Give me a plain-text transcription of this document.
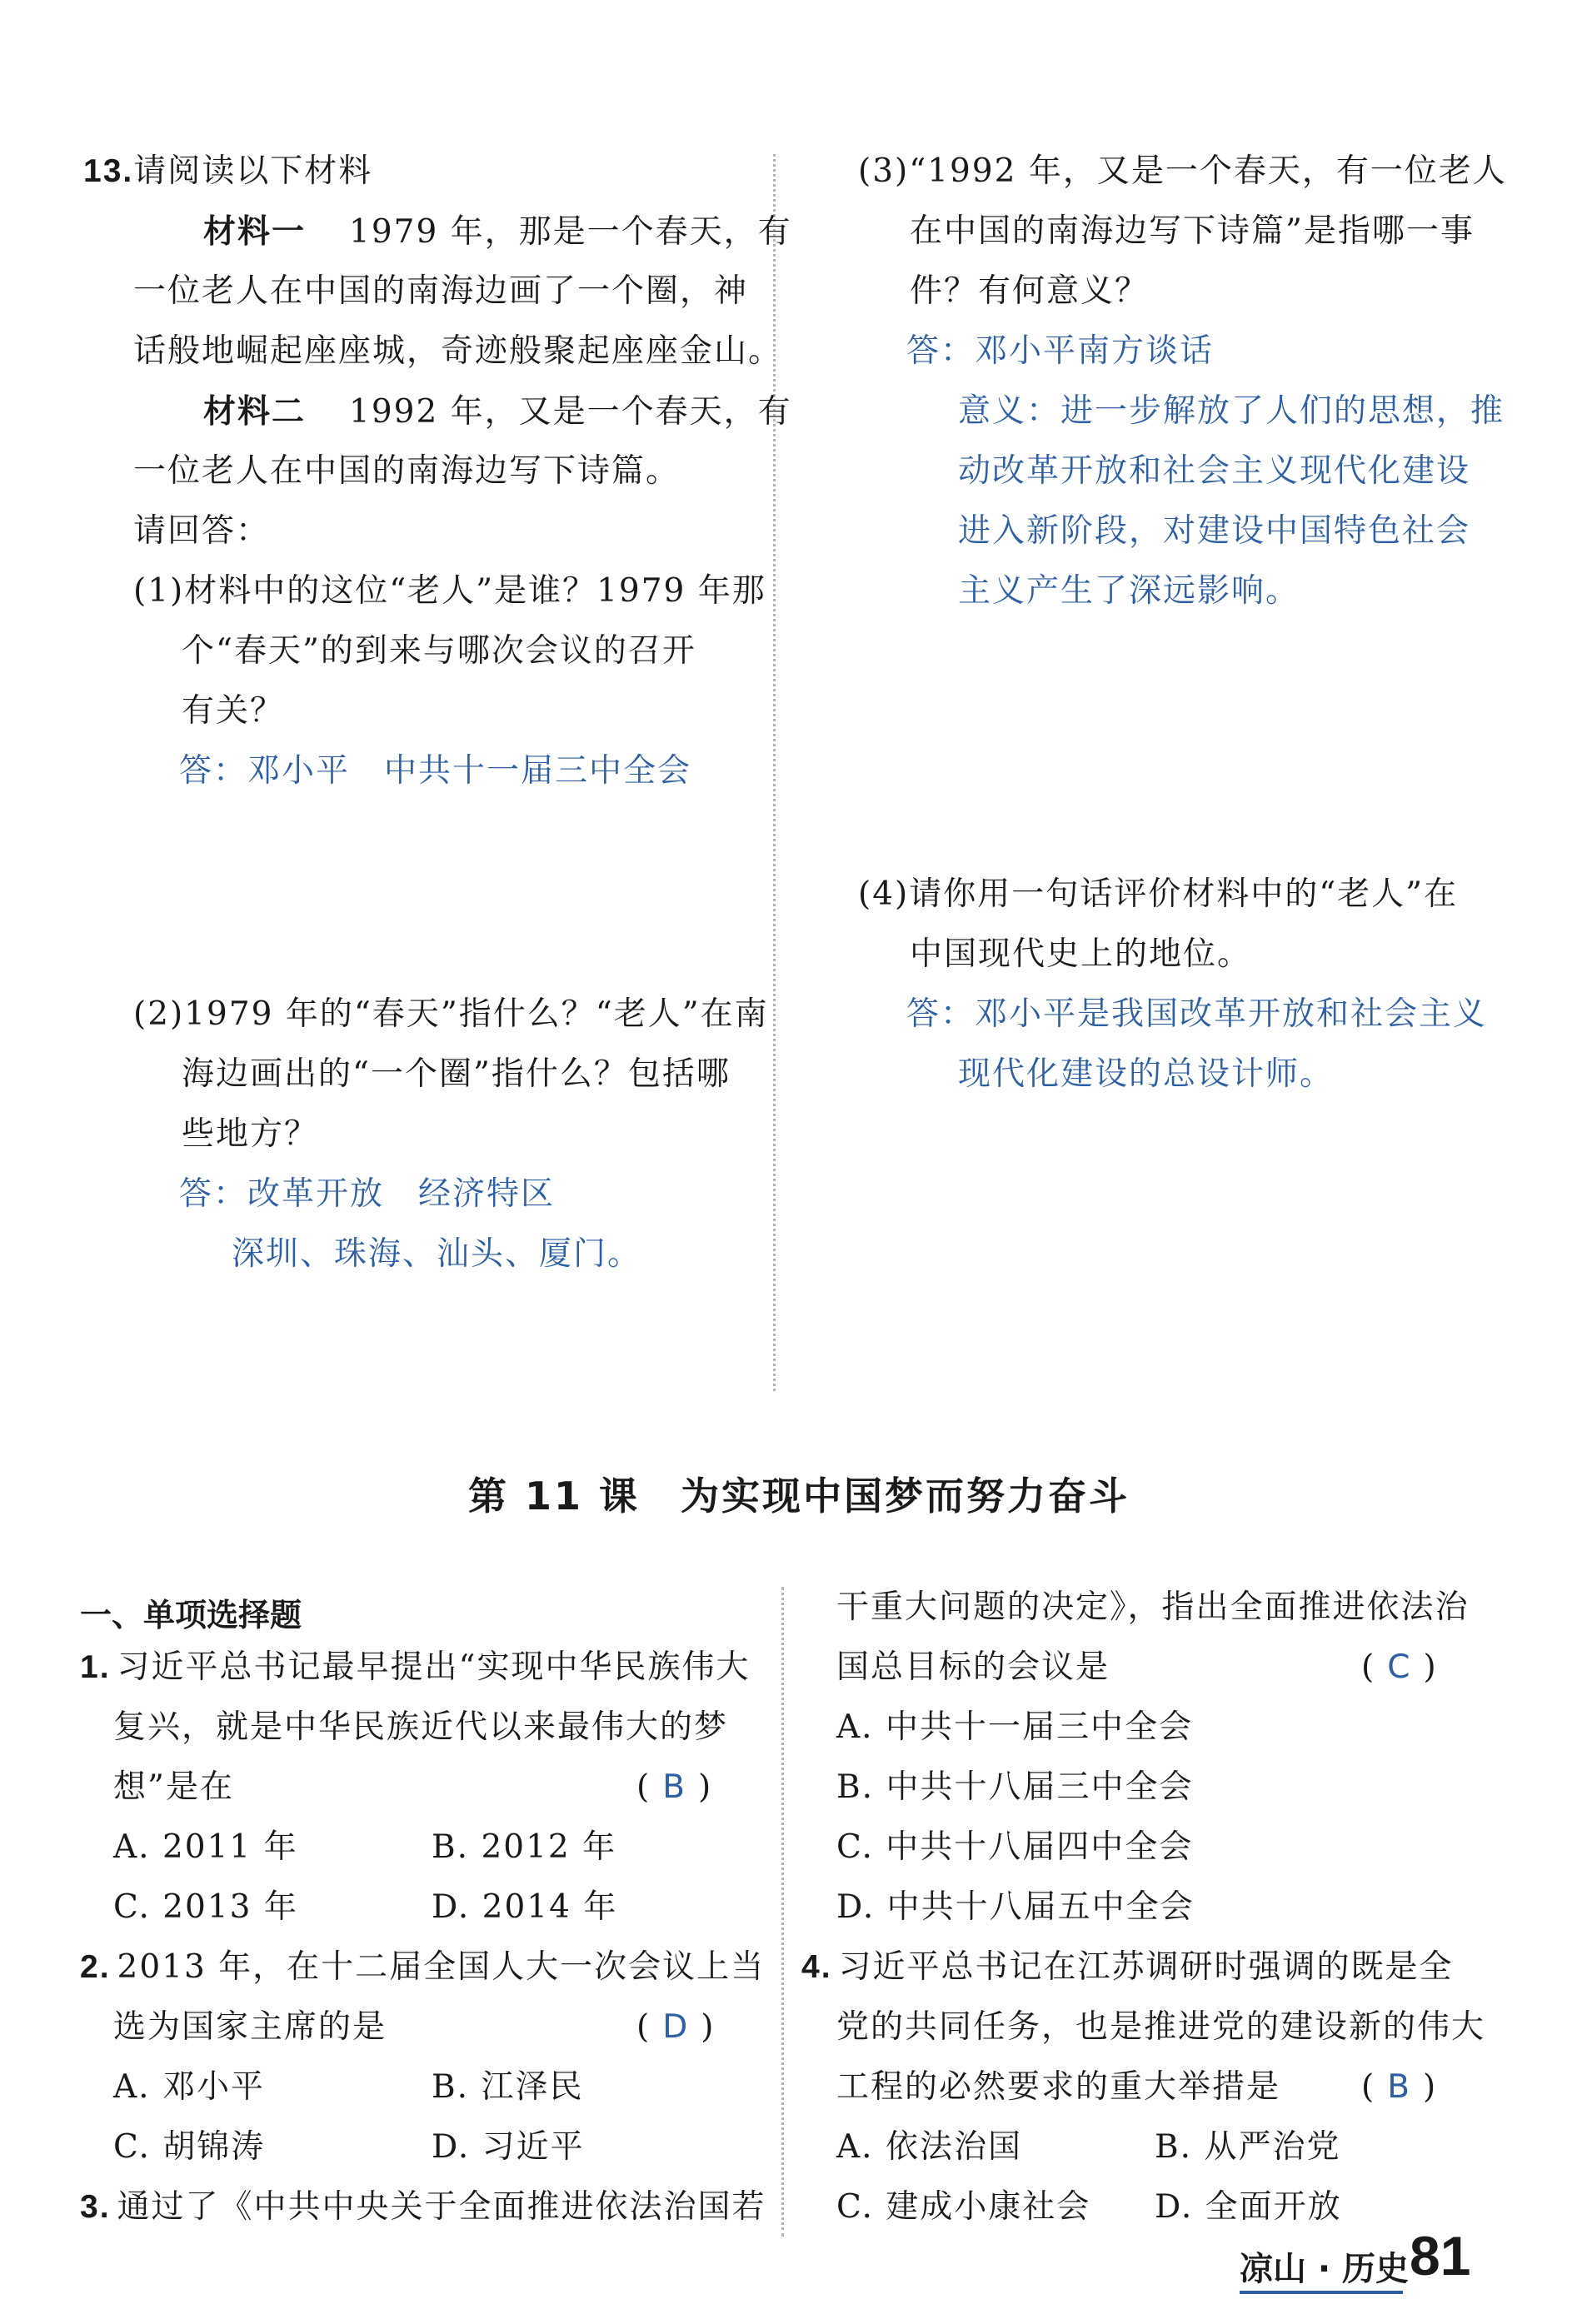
13.请阅读以下材料
材料一 1979 年，那是一个春天，有
一位老人在中国的南海边画了一个圈，神
话般地崛起座座城，奇迹般聚起座座金山。
材料二 1992 年，又是一个春天，有
一位老人在中国的南海边写下诗篇。
请回答：
(1)材料中的这位“老人”是谁？1979 年那
个“春天”的到来与哪次会议的召开
有关？
答：邓小平　中共十一届三中全会
(2)1979 年的“春天”指什么？“老人”在南
海边画出的“一个圈”指什么？包括哪
些地方？
答：改革开放　经济特区
深圳、珠海、汕头、厦门。
(3)“1992 年，又是一个春天，有一位老人
在中国的南海边写下诗篇”是指哪一事
件？有何意义？
答：邓小平南方谈话
意义：进一步解放了人们的思想，推
动改革开放和社会主义现代化建设
进入新阶段，对建设中国特色社会
主义产生了深远影响。
(4)请你用一句话评价材料中的“老人”在
中国现代史上的地位。
答：邓小平是我国改革开放和社会主义
现代化建设的总设计师。
第 11 课　为实现中国梦而努力奋斗
一、单项选择题
1. 习近平总书记最早提出“实现中华民族伟大
复兴，就是中华民族近代以来最伟大的梦
想”是在	( B )
A. 2011 年	B. 2012 年
C. 2013 年	D. 2014 年
2. 2013 年，在十二届全国人大一次会议上当
选为国家主席的是	( D )
A. 邓小平	B. 江泽民
C. 胡锦涛	D. 习近平
3. 通过了《中共中央关于全面推进依法治国若
干重大问题的决定》，指出全面推进依法治
国总目标的会议是	( C )
A. 中共十一届三中全会
B. 中共十八届三中全会
C. 中共十八届四中全会
D. 中共十八届五中全会
4. 习近平总书记在江苏调研时强调的既是全
党的共同任务，也是推进党的建设新的伟大
工程的必然要求的重大举措是 ( B )
A. 依法治国	B. 从严治党
C. 建成小康社会 D. 全面开放
凉山 · 历史 81
